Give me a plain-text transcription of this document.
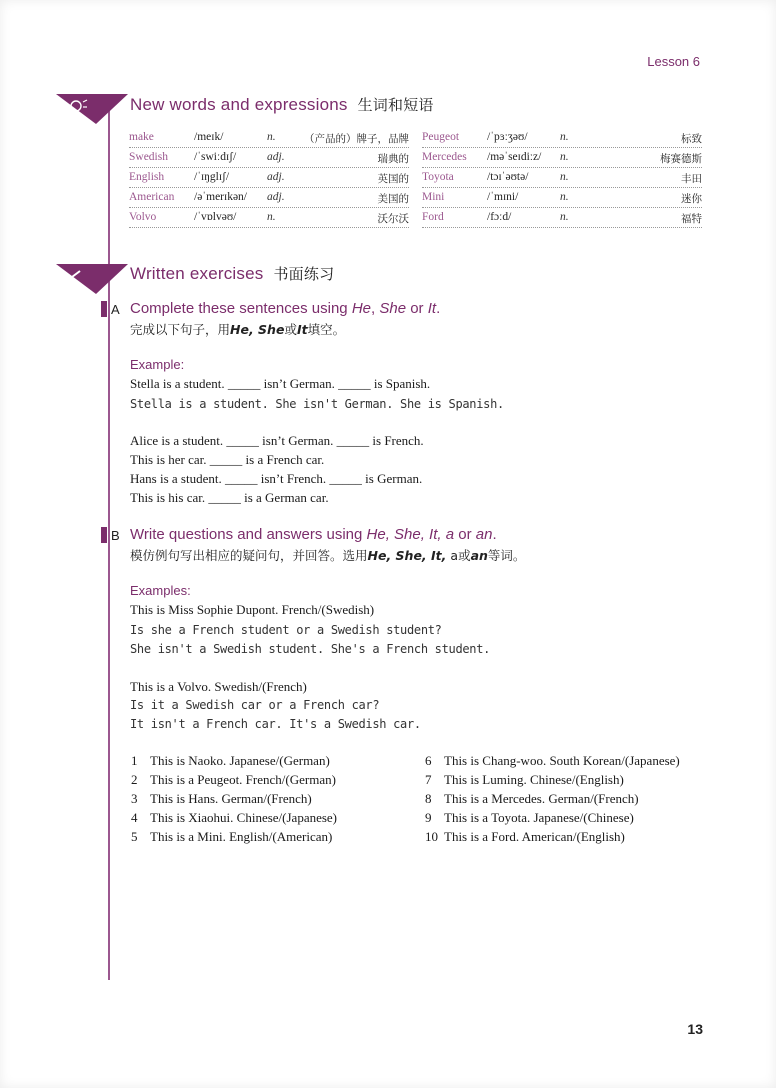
Lesson 6
New words and expressions 生词和短语
make	/meɪk/	n.	（产品的）牌子，品牌
Swedish /ˈswiːdɪʃ/	adj.	瑞典的
English	/ˈɪŋglɪʃ/	adj.	英国的
American /əˈmerɪkən/ adj.	美国的
Volvo	/ˈvɒlvəʊ/	n.	沃尔沃
Peugeot /ˈpɜːʒəʊ/	n.	标致
Mercedes /məˈseɪdiːz/ n.	梅赛德斯
Toyota	/tɔɪˈəʊtə/	n.	丰田
Mini	/ˈmɪni/	n.	迷你
Ford	/fɔːd/	n.	福特
Written exercises 书面练习
A Complete these sentences using He, She or It.
完成以下句子，用He, She或It填空。
Example:
Stella is a student. _____ isn’t German. _____ is Spanish.
Stella is a student. She isn't German. She is Spanish.
Alice is a student. _____ isn’t German. _____ is French.
This is her car. _____ is a French car.
Hans is a student. _____ isn’t French. _____ is German.
This is his car. _____ is a German car.
B Write questions and answers using He, She, It, a or an.
模仿例句写出相应的疑问句，并回答。选用He, She, It, a或an等词。
Examples:
This is Miss Sophie Dupont. French/(Swedish)
Is she a French student or a Swedish student?
She isn't a Swedish student. She's a French student.
This is a Volvo. Swedish/(French)
Is it a Swedish car or a French car?
It isn't a French car. It's a Swedish car.
1 This is Naoko. Japanese/(German)
2 This is a Peugeot. French/(German)
3 This is Hans. German/(French)
4 This is Xiaohui. Chinese/(Japanese)
5 This is a Mini. English/(American)
6 This is Chang-woo. South Korean/(Japanese)
7 This is Luming. Chinese/(English)
8 This is a Mercedes. German/(French)
9 This is a Toyota. Japanese/(Chinese)
10 This is a Ford. American/(English)
13
